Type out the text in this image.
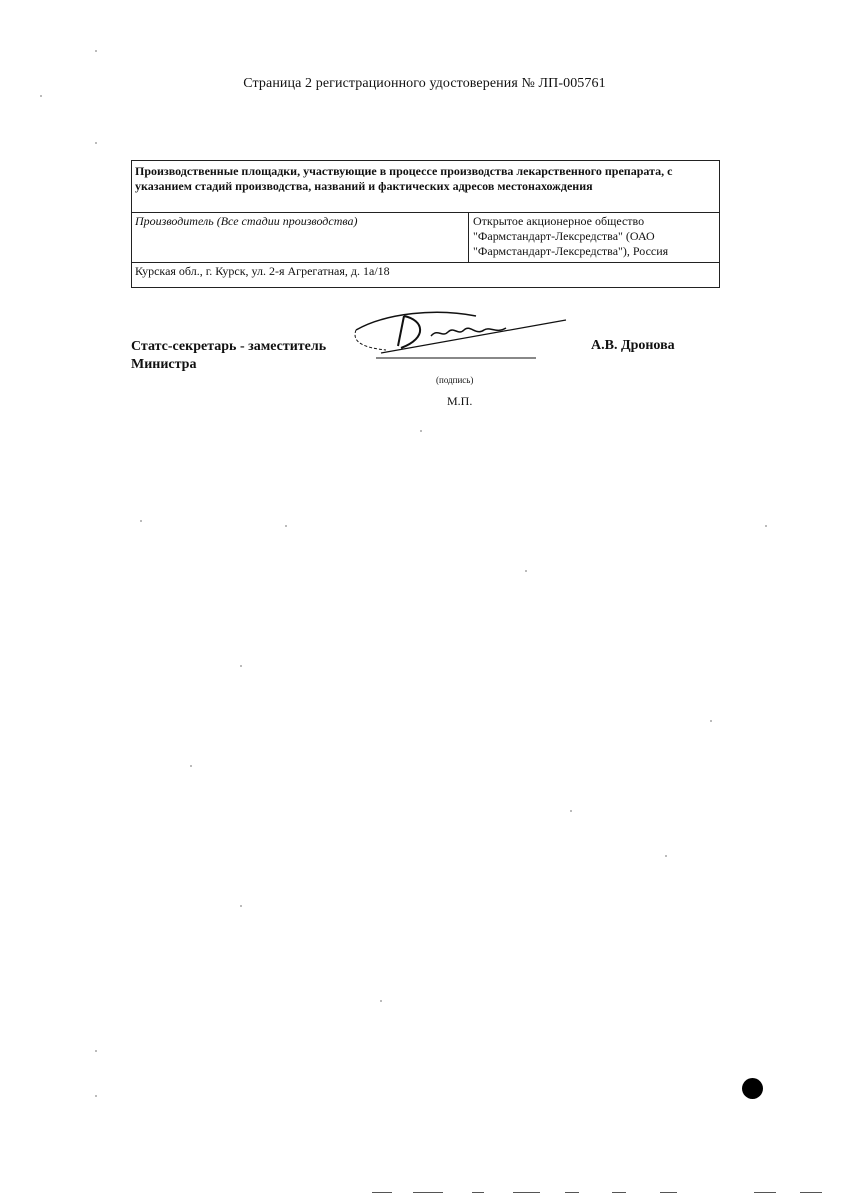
Страница 2 регистрационного удостоверения № ЛП-005761
Производственные площадки, участвующие в процессе производства лекарственного препарата, с указанием стадий производства, названий и фактических адресов местонахождения
Производитель (Все стадии производства)	Открытое акционерное общество
"Фармстандарт-Лексредства" (ОАО
"Фармстандарт-Лексредства"), Россия

Курская обл., г. Курск, ул. 2-я Агрегатная, д. 1а/18
Статс-секретарь - заместитель
Министра
А.В. Дронова
(подпись)
М.П.
